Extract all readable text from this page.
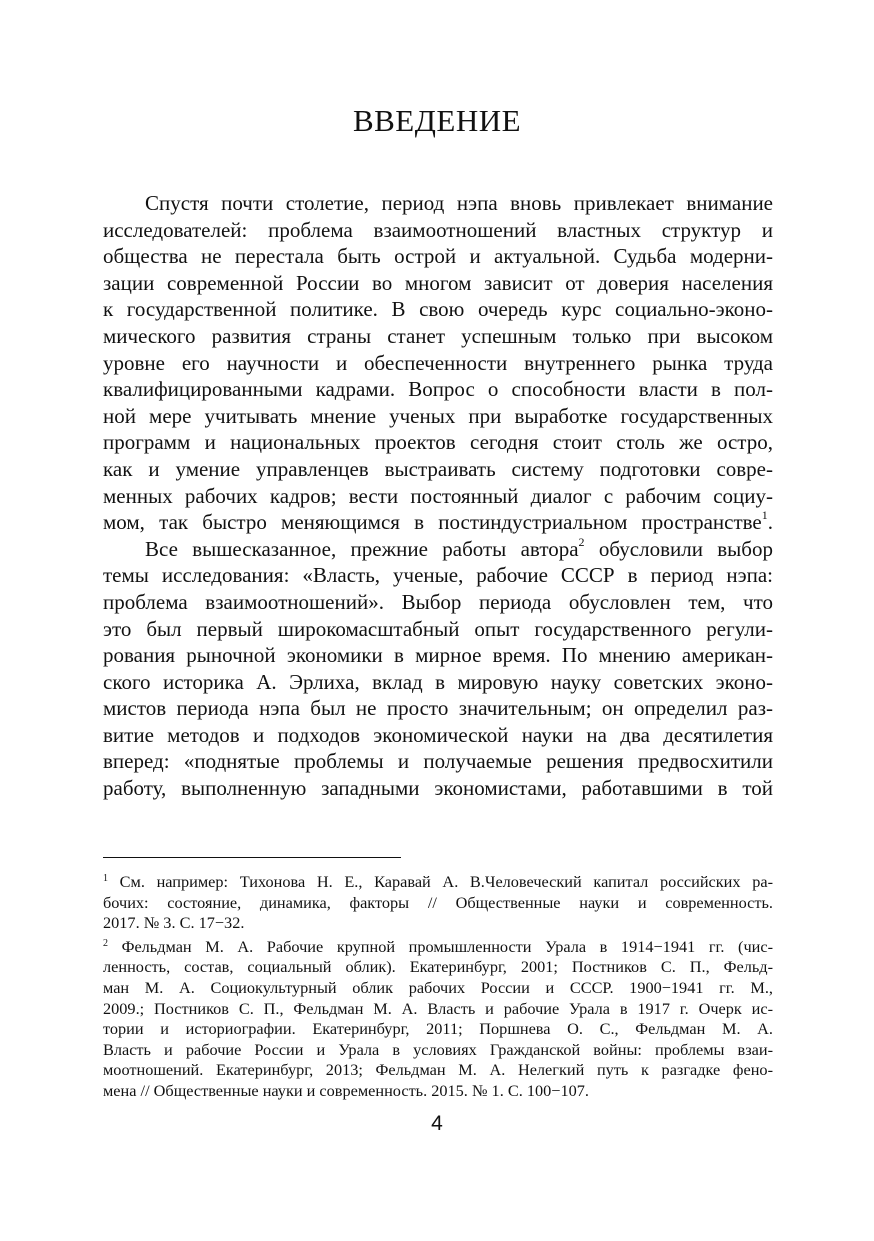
ВВЕДЕНИЕ
Спустя почти столетие, период нэпа вновь привлекает внимание
исследователей: проблема взаимоотношений властных структур и
общества не перестала быть острой и актуальной. Судьба модерни-
зации современной России во многом зависит от доверия населения
к государственной политике. В свою очередь курс социально-эконо-
мического развития страны станет успешным только при высоком
уровне его научности и обеспеченности внутреннего рынка труда
квалифицированными кадрами. Вопрос о способности власти в пол-
ной мере учитывать мнение ученых при выработке государственных
программ и национальных проектов сегодня стоит столь же остро,
как и умение управленцев выстраивать систему подготовки совре-
менных рабочих кадров; вести постоянный диалог с рабочим социу-
мом, так быстро меняющимся в постиндустриальном пространстве$^1$.
Все вышесказанное, прежние работы автора$^2$ обусловили выбор
темы исследования: «Власть, ученые, рабочие СССР в период нэпа:
проблема взаимоотношений». Выбор периода обусловлен тем, что
это был первый широкомасштабный опыт государственного регули-
рования рыночной экономики в мирное время. По мнению американ-
ского историка А. Эрлиха, вклад в мировую науку советских эконо-
мистов периода нэпа был не просто значительным; он определил раз-
витие методов и подходов экономической науки на два десятилетия
вперед: «поднятые проблемы и получаемые решения предвосхитили
работу, выполненную западными экономистами, работавшими в той
$^1$ См. например: Тихонова Н. Е., Каравай А. В.Человеческий капитал российских ра-
бочих: состояние, динамика, факторы // Общественные науки и современность.
2017. № 3. С. 17−32.
$^2$ Фельдман М. А. Рабочие крупной промышленности Урала в 1914−1941 гг. (чис-
ленность, состав, социальный облик). Екатеринбург, 2001; Постников С. П., Фельд-
ман М. А. Социокультурный облик рабочих России и СССР. 1900−1941 гг. М.,
2009.; Постников С. П., Фельдман М. А. Власть и рабочие Урала в 1917 г. Очерк ис-
тории и историографии. Екатеринбург, 2011; Поршнева О. С., Фельдман М. А.
Власть и рабочие России и Урала в условиях Гражданской войны: проблемы взаи-
моотношений. Екатеринбург, 2013; Фельдман М. А. Нелегкий путь к разгадке фено-
мена // Общественные науки и современность. 2015. № 1. С. 100−107.
4
